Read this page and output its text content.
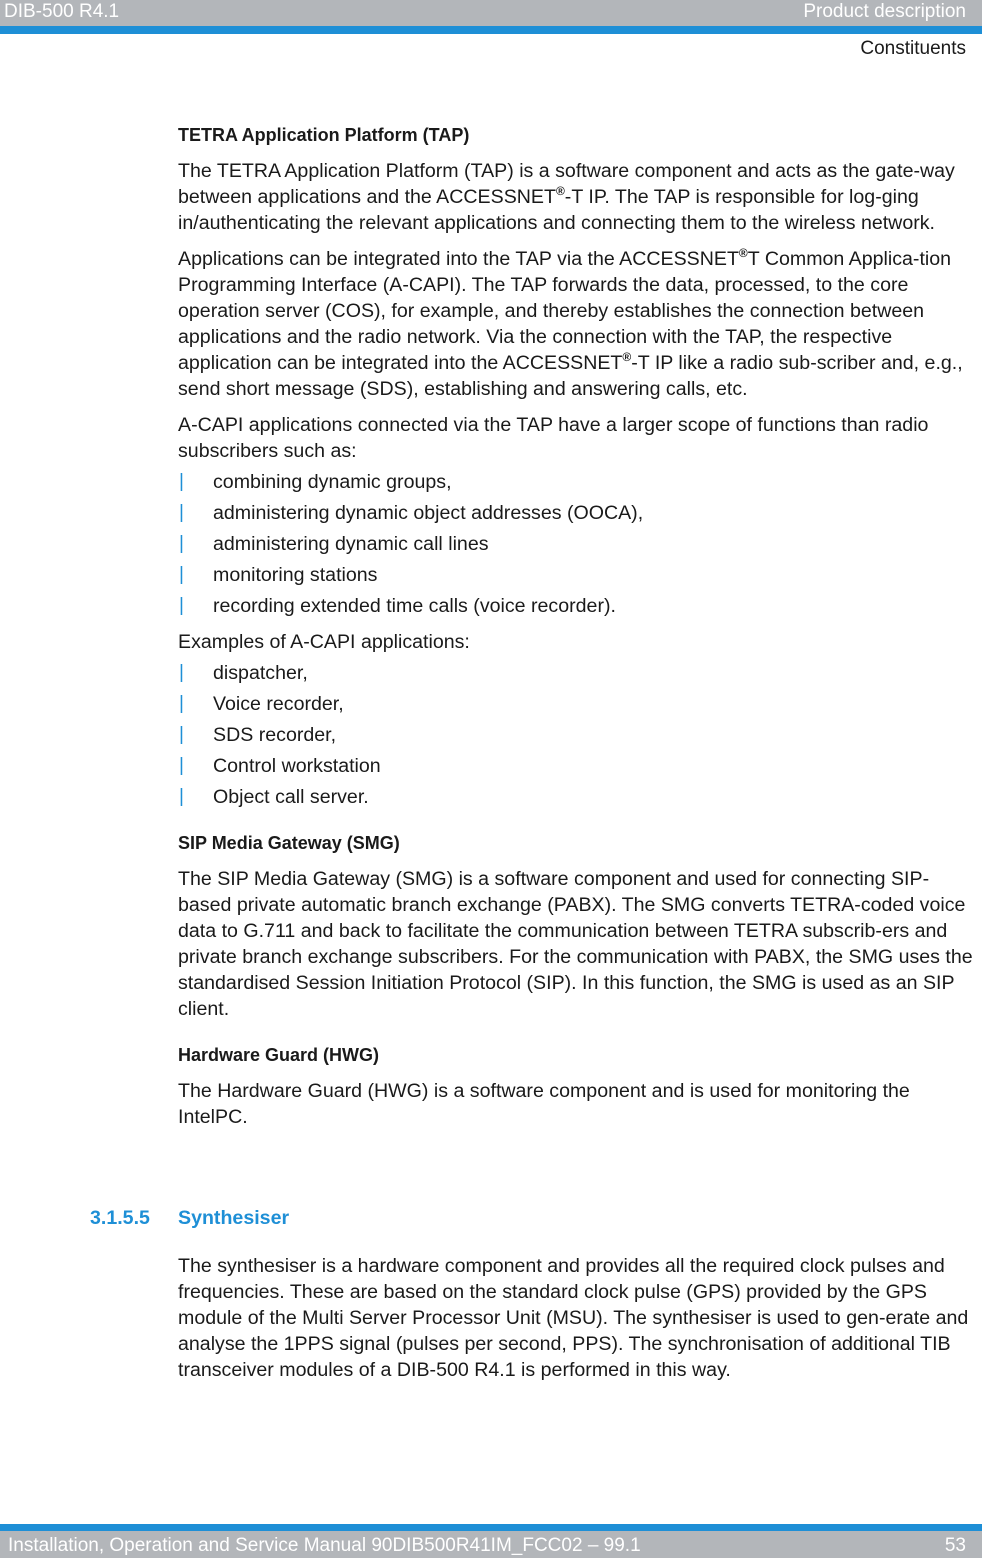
DIB-500 R4.1	Product description
Constituents
TETRA Application Platform (TAP)

The TETRA Application Platform (TAP) is a software component and acts as the gate-way between applications and the ACCESSNET®-T IP. The TAP is responsible for log-ging in/authenticating the relevant applications and connecting them to the wireless network.

Applications can be integrated into the TAP via the ACCESSNET®T Common Applica-tion Programming Interface (A-CAPI). The TAP forwards the data, processed, to the core operation server (COS), for example, and thereby establishes the connection between applications and the radio network. Via the connection with the TAP, the respective application can be integrated into the ACCESSNET®-T IP like a radio sub-scriber and, e.g., send short message (SDS), establishing and answering calls, etc.

A-CAPI applications connected via the TAP have a larger scope of functions than radio subscribers such as:

| combining dynamic groups,
| administering dynamic object addresses (OOCA),
| administering dynamic call lines
| monitoring stations
| recording extended time calls (voice recorder).

Examples of A-CAPI applications:

| dispatcher,
| Voice recorder,
| SDS recorder,
| Control workstation
| Object call server.
SIP Media Gateway (SMG)

The SIP Media Gateway (SMG) is a software component and used for connecting SIP-based private automatic branch exchange (PABX). The SMG converts TETRA-coded voice data to G.711 and back to facilitate the communication between TETRA subscrib-ers and private branch exchange subscribers. For the communication with PABX, the SMG uses the standardised Session Initiation Protocol (SIP). In this function, the SMG is used as an SIP client.

Hardware Guard (HWG)

The Hardware Guard (HWG) is a software component and is used for monitoring the IntelPC.

3.1.5.5 Synthesiser

The synthesiser is a hardware component and provides all the required clock pulses and frequencies. These are based on the standard clock pulse (GPS) provided by the GPS module of the Multi Server Processor Unit (MSU). The synthesiser is used to gen-erate and analyse the 1PPS signal (pulses per second, PPS). The synchronisation of additional TIB transceiver modules of a DIB-500 R4.1 is performed in this way.

Installation, Operation and Service Manual 90DIB500R41IM_FCC02 – 99.1	53
